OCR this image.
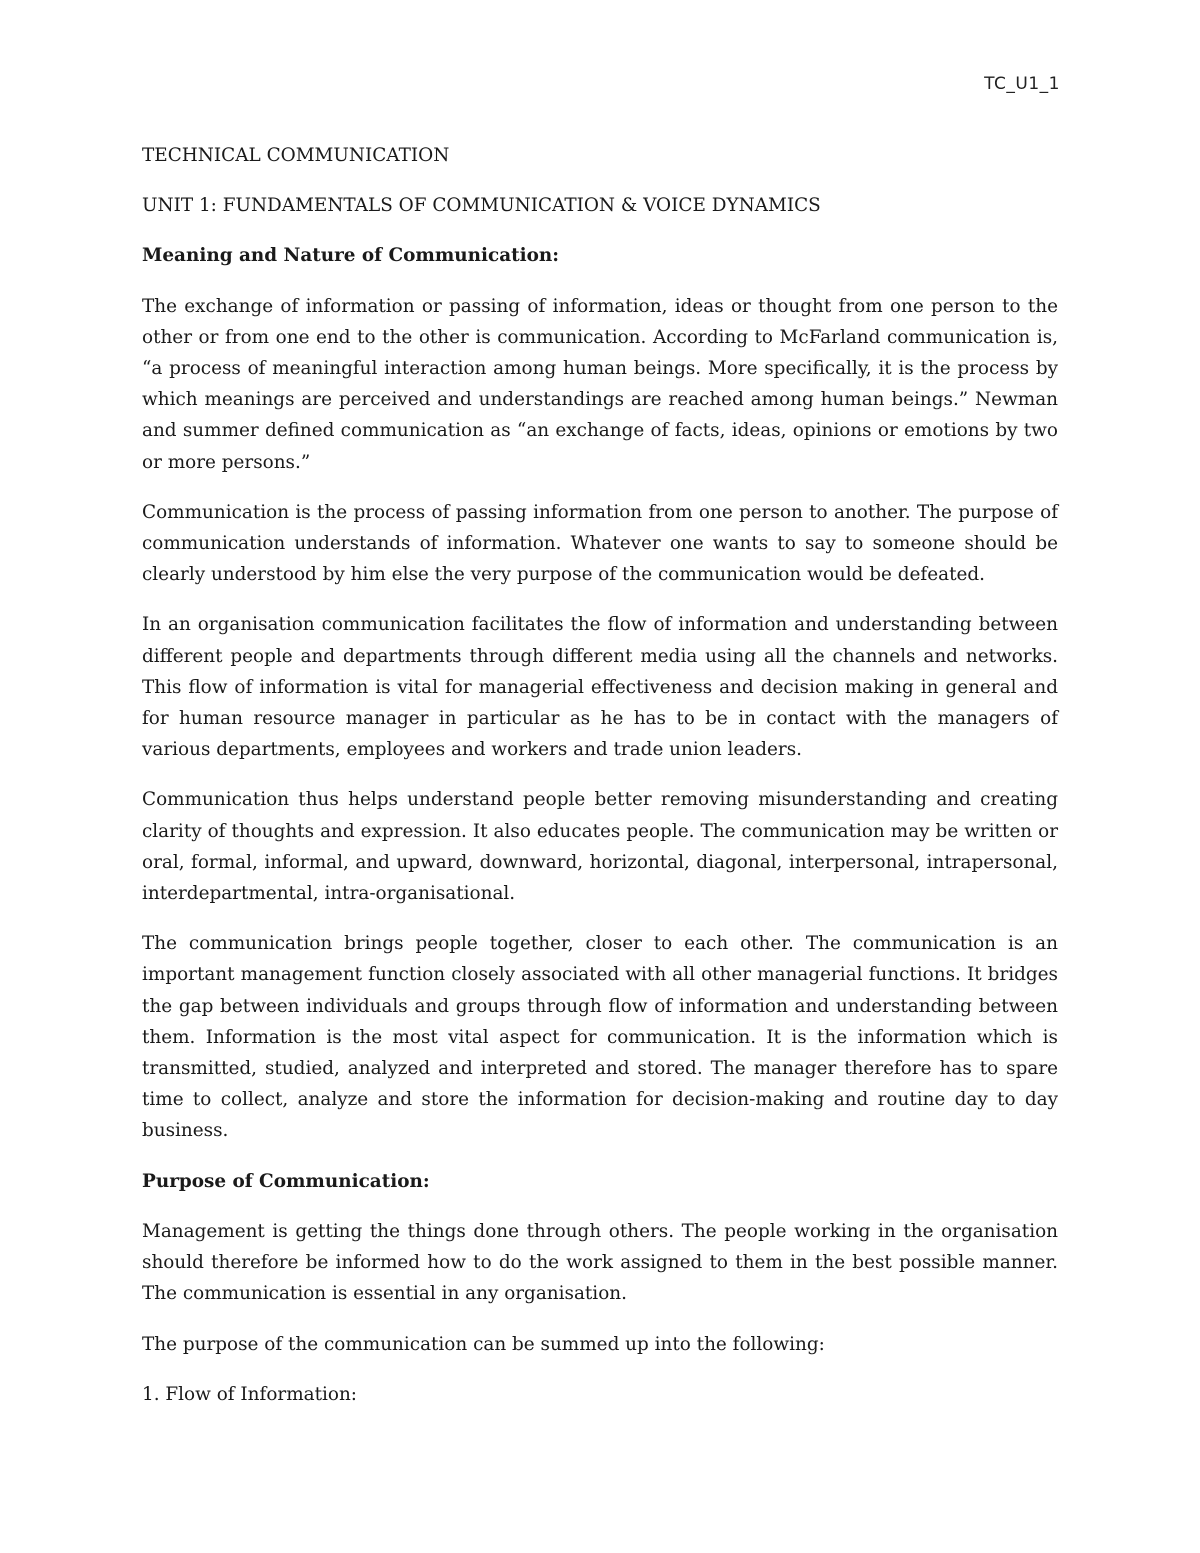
TC_U1_1
TECHNICAL COMMUNICATION
UNIT 1: FUNDAMENTALS OF COMMUNICATION & VOICE DYNAMICS
Meaning and Nature of Communication:

The exchange of information or passing of information, ideas or thought from one person to the other or from one end to the other is communication. According to McFarland communication is, “a process of meaningful interaction among human beings. More specifically, it is the process by which meanings are perceived and understandings are reached among human beings.” Newman and summer defined communication as “an exchange of facts, ideas, opinions or emotions by two or more persons.”

Communication is the process of passing information from one person to another. The purpose of communication understands of information. Whatever one wants to say to someone should be clearly understood by him else the very purpose of the communication would be defeated.

In an organisation communication facilitates the flow of information and understanding between different people and departments through different media using all the channels and networks. This flow of information is vital for managerial effectiveness and decision making in general and for human resource manager in particular as he has to be in contact with the managers of various departments, employees and workers and trade union leaders.

Communication thus helps understand people better removing misunderstanding and creating clarity of thoughts and expression. It also educates people. The communication may be written or oral, formal, informal, and upward, downward, horizontal, diagonal, interpersonal, intrapersonal, interdepartmental, intra-organisational.

The communication brings people together, closer to each other. The communication is an important management function closely associated with all other managerial functions. It bridges the gap between individuals and groups through flow of information and understanding between them. Information is the most vital aspect for communication. It is the information which is transmitted, studied, analyzed and interpreted and stored. The manager therefore has to spare time to collect, analyze and store the information for decision-making and routine day to day business.

Purpose of Communication:

Management is getting the things done through others. The people working in the organisation should therefore be informed how to do the work assigned to them in the best possible manner. The communication is essential in any organisation.

The purpose of the communication can be summed up into the following:

1. Flow of Information:
